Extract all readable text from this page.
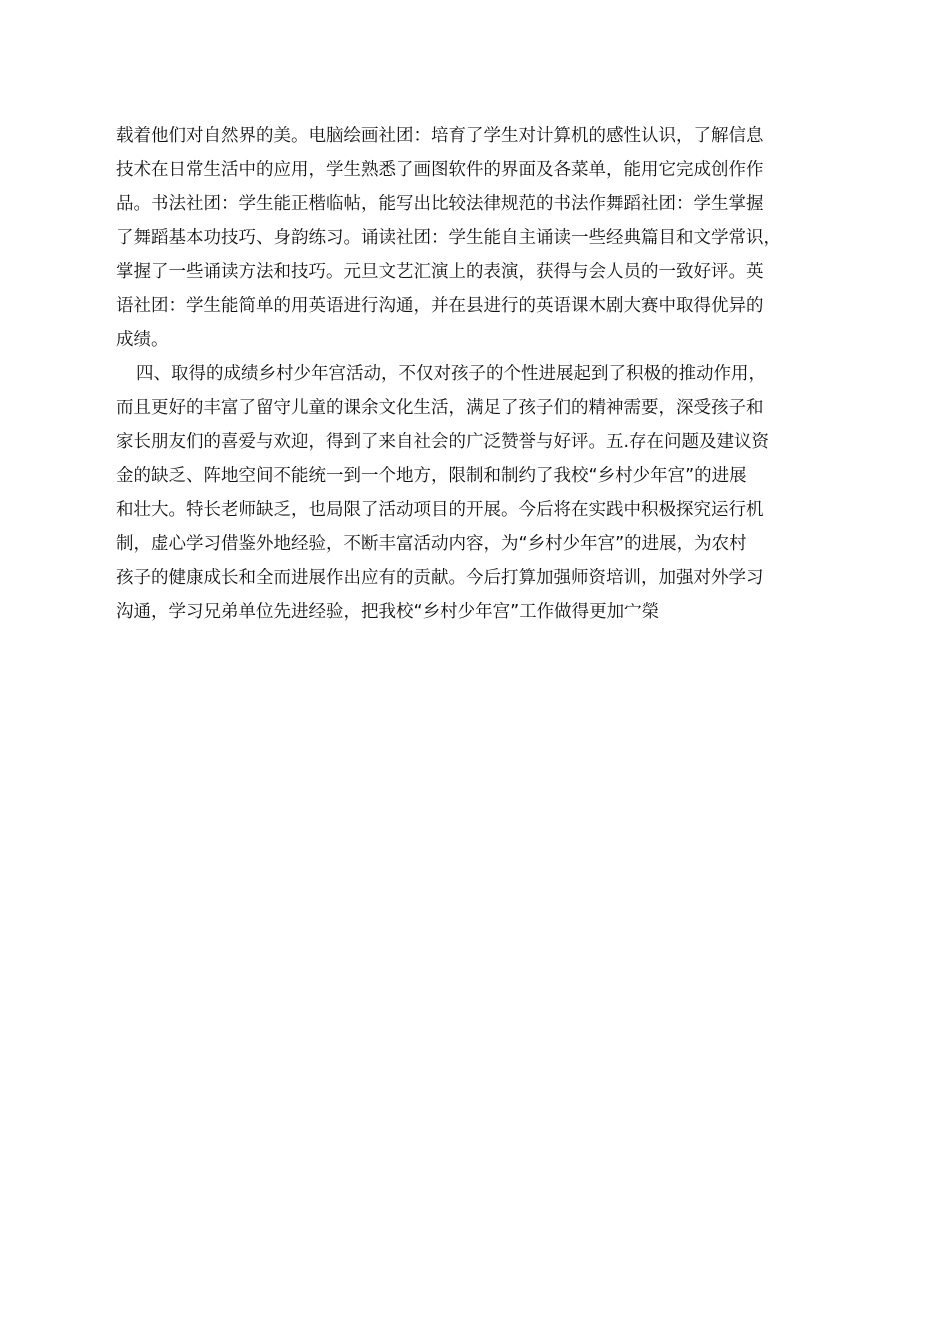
载着他们对自然界的美。电脑绘画社团：培育了学生对计算机的感性认识，了解信息
技术在日常生活中的应用，学生熟悉了画图软件的界面及各菜单，能用它完成创作作
品。书法社团：学生能正楷临帖，能写出比较法律规范的书法作舞蹈社团：学生掌握
了舞蹈基本功技巧、身韵练习。诵读社团：学生能自主诵读一些经典篇目和文学常识，
掌握了一些诵读方法和技巧。元旦文艺汇演上的表演，获得与会人员的一致好评。英
语社团：学生能简单的用英语进行沟通，并在县进行的英语课木剧大赛中取得优异的
成绩。
四、取得的成绩乡村少年宫活动，不仅对孩子的个性进展起到了积极的推动作用，
而且更好的丰富了留守儿童的课余文化生活，满足了孩子们的精神需要，深受孩子和
家长朋友们的喜爱与欢迎，得到了来自社会的广泛赞誉与好评。五.存在问题及建议资
金的缺乏、阵地空间不能统一到一个地方，限制和制约了我校“乡村少年宫”的进展
和壮大。特长老师缺乏，也局限了活动项目的开展。今后将在实践中积极探究运行机
制，虚心学习借鉴外地经验，不断丰富活动内容，为“乡村少年宫”的进展，为农村
孩子的健康成长和全而进展作出应有的贡献。今后打算加强师资培训，加强对外学习
沟通，学习兄弟单位先进经验，把我校“乡村少年宫”工作做得更加宀榮
